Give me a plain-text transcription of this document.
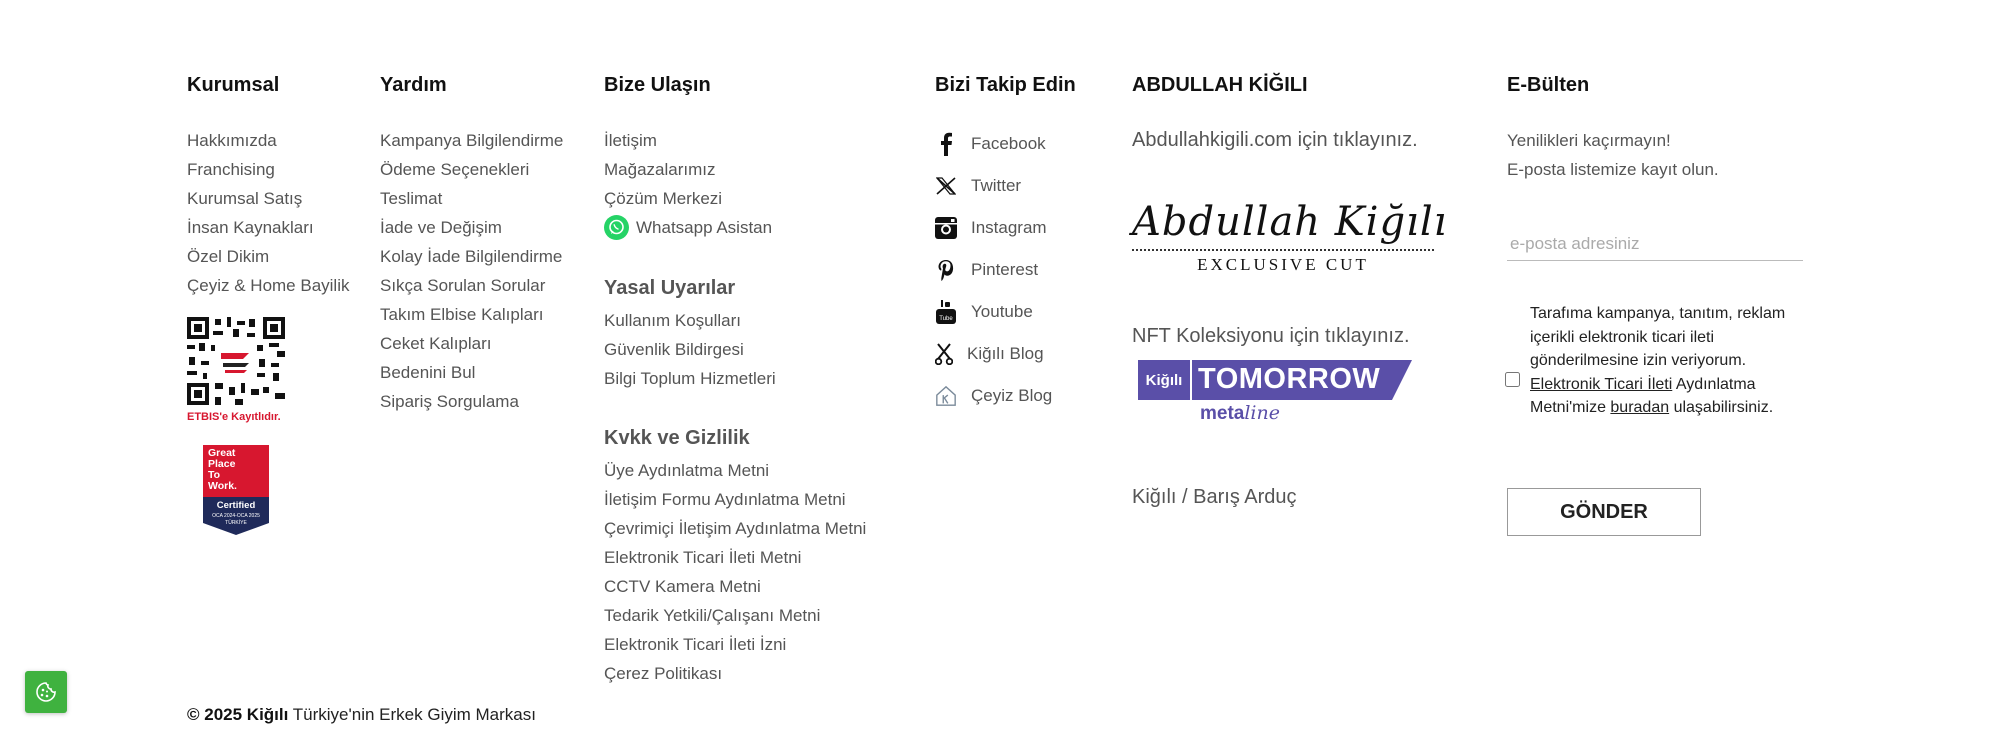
Kurumsal
Hakkımızda
Franchising
Kurumsal Satış
İnsan Kaynakları
Özel Dikim
Çeyiz & Home Bayilik
ETBIS'e Kayıtlıdır.
Great
Place
To
Work.
Certified
OCA 2024-OCA 2025
TÜRKİYE
Yardım
Kampanya Bilgilendirme
Ödeme Seçenekleri
Teslimat
İade ve Değişim
Kolay İade Bilgilendirme
Sıkça Sorulan Sorular
Takım Elbise Kalıpları
Ceket Kalıpları
Bedenini Bul
Sipariş Sorgulama
Bize Ulaşın
İletişim
Mağazalarımız
Çözüm Merkezi
Whatsapp Asistan
Yasal Uyarılar
Kullanım Koşulları
Güvenlik Bildirgesi
Bilgi Toplum Hizmetleri
Kvkk ve Gizlilik
Üye Aydınlatma Metni
İletişim Formu Aydınlatma Metni
Çevrimiçi İletişim Aydınlatma Metni
Elektronik Ticari İleti Metni
CCTV Kamera Metni
Tedarik Yetkili/Çalışanı Metni
Elektronik Ticari İleti İzni
Çerez Politikası
Bizi Takip Edin
Facebook
Twitter
Instagram
Pinterest
Tube Youtube
Kiğılı Blog
Çeyiz Blog
ABDULLAH KİĞILI
Abdullahkigili.com için tıklayınız.
Abdullah Kiğılı
EXCLUSIVE CUT
NFT Koleksiyonu için tıklayınız.
Kiğılı TOMORROW
metaline
Kiğılı / Barış Arduç
E-Bülten
Yenilikleri kaçırmayın!
E-posta listemize kayıt olun.
e-posta adresiniz
Tarafıma kampanya, tanıtım, reklam içerikli elektronik ticari ileti gönderilmesine izin veriyorum. Elektronik Ticari İleti Aydınlatma Metni'mize buradan ulaşabilirsiniz.
GÖNDER
© 2025 Kiğılı Türkiye'nin Erkek Giyim Markası
